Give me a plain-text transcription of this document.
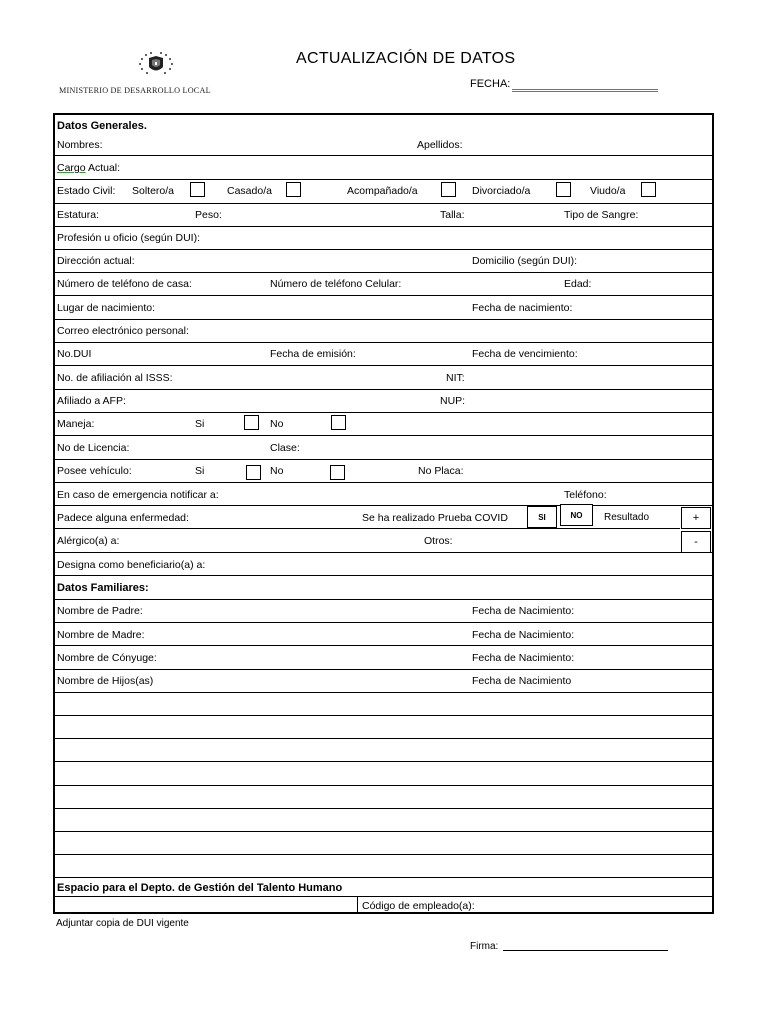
MINISTERIO DE DESARROLLO LOCAL
ACTUALIZACIÓN DE DATOS
FECHA:
Datos Generales.
Nombres:	Apellidos:
Cargo Actual:
Estado Civil: Soltero/a	Casado/a	Acompañado/a	Divorciado/a	Viudo/a
Estatura:	Peso:	Talla:	Tipo de Sangre:
Profesión u oficio (según DUI):
Dirección actual:	Domicilio (según DUI):
Número de teléfono de casa:	Número de teléfono Celular:	Edad:
Lugar de nacimiento:	Fecha de nacimiento:
Correo electrónico personal:
No.DUI	Fecha de emisión:	Fecha de vencimiento:
No. de afiliación al ISSS:	NIT:
Afiliado a AFP:	NUP:
Maneja:	Si	No
No de Licencia:	Clase:
Posee vehículo:	Si	No	No Placa:
En caso de emergencia notificar a:	Teléfono:
Padece alguna enfermedad:	Se ha realizado Prueba COVID	SI	NO	Resultado	+
Alérgico(a) a:	Otros:	-
Designa como beneficiario(a) a:
Datos Familiares:
Nombre de Padre:	Fecha de Nacimiento:
Nombre de Madre:	Fecha de Nacimiento:
Nombre de Cónyuge:	Fecha de Nacimiento:
Nombre de Hijos(as)	Fecha de Nacimiento
Espacio para el Depto. de Gestión del Talento Humano
Código de empleado(a):
Adjuntar copia de DUI vigente
Firma:
